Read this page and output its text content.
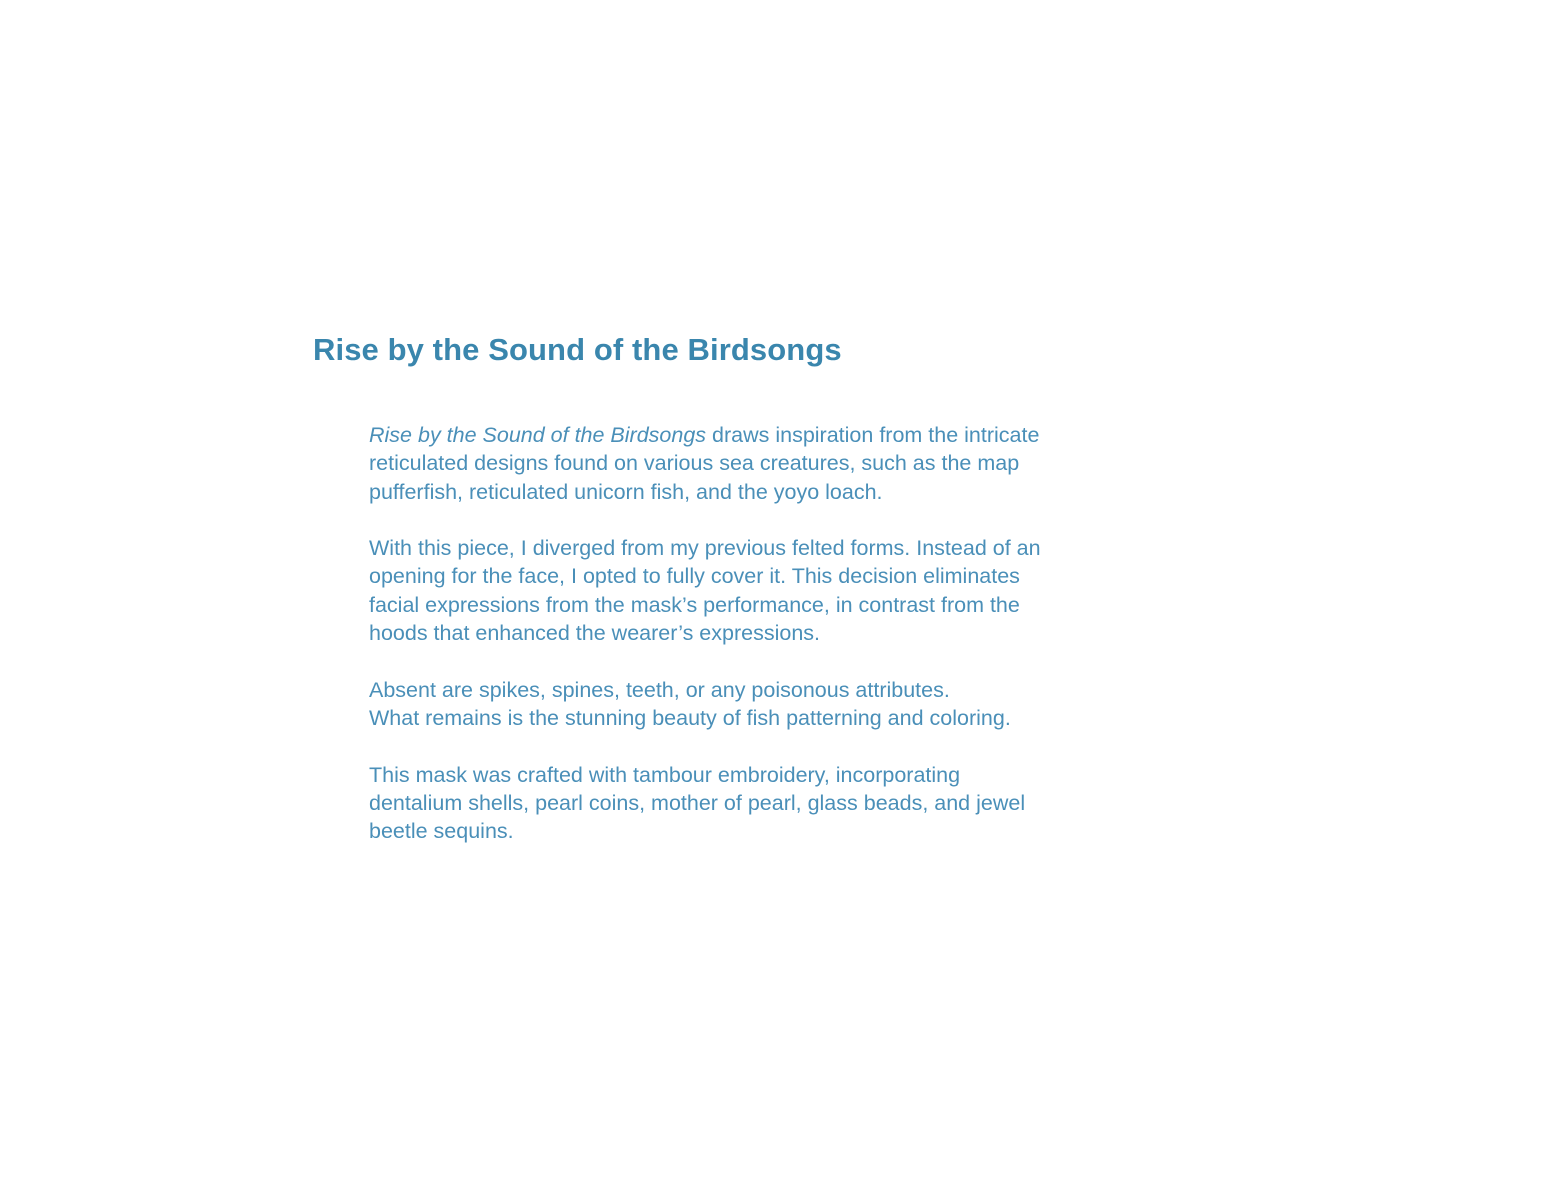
Rise by the Sound of the Birdsongs

Rise by the Sound of the Birdsongs draws inspiration from the intricate
reticulated designs found on various sea creatures, such as the map
pufferfish, reticulated unicorn fish, and the yoyo loach.

With this piece, I diverged from my previous felted forms. Instead of an
opening for the face, I opted to fully cover it. This decision eliminates
facial expressions from the mask’s performance, in contrast from the
hoods that enhanced the wearer’s expressions.

Absent are spikes, spines, teeth, or any poisonous attributes.
What remains is the stunning beauty of fish patterning and coloring.

This mask was crafted with tambour embroidery, incorporating
dentalium shells, pearl coins, mother of pearl, glass beads, and jewel
beetle sequins.
